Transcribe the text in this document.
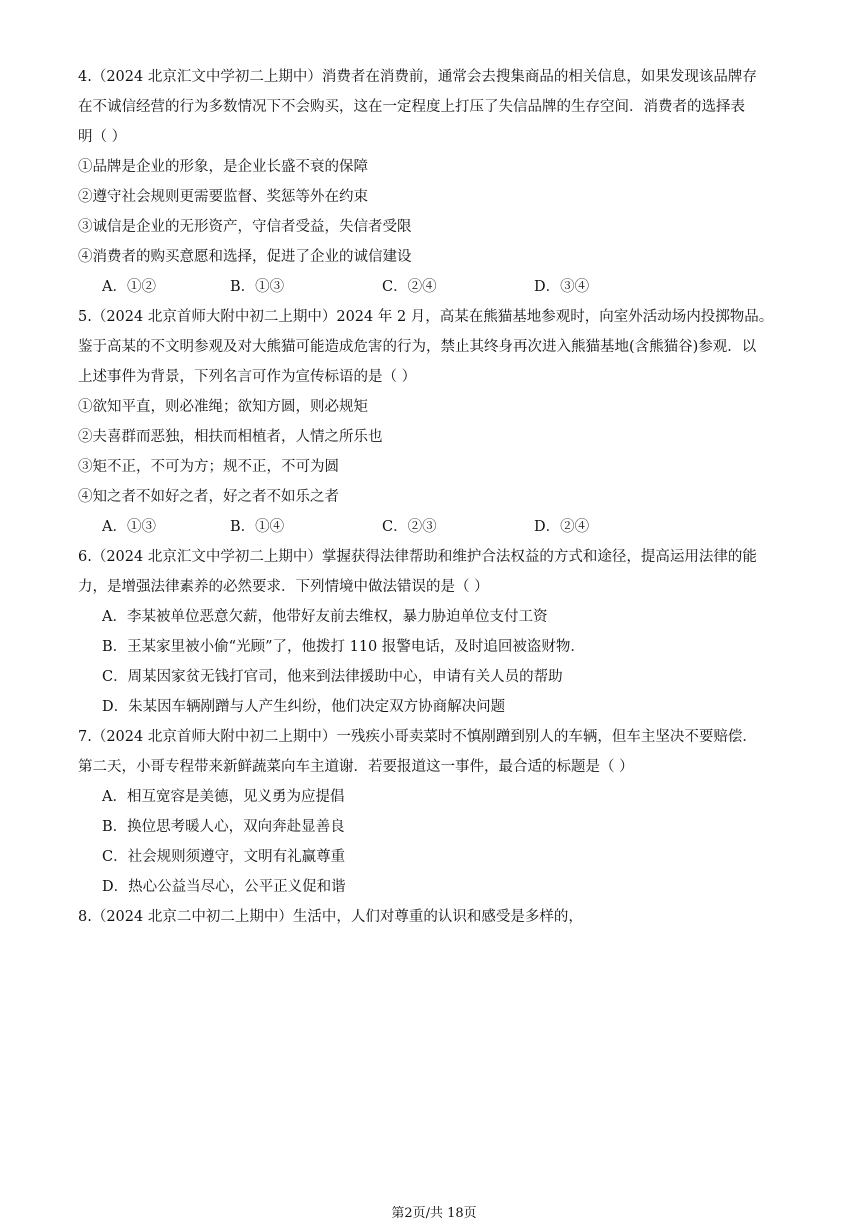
4.（2024 北京汇文中学初二上期中）消费者在消费前，通常会去搜集商品的相关信息，如果发现该品牌存
在不诚信经营的行为多数情况下不会购买，这在一定程度上打压了失信品牌的生存空间．消费者的选择表
明（ ）
①品牌是企业的形象，是企业长盛不衰的保障
②遵守社会规则更需要监督、奖惩等外在约束
③诚信是企业的无形资产，守信者受益，失信者受限
④消费者的购买意愿和选择，促进了企业的诚信建设
A．①②	B．①③	C．②④	D．③④
5.（2024 北京首师大附中初二上期中）2024 年 2 月，高某在熊猫基地参观时，向室外活动场内投掷物品。
鉴于高某的不文明参观及对大熊猫可能造成危害的行为，禁止其终身再次进入熊猫基地(含熊猫谷)参观．以
上述事件为背景，下列名言可作为宣传标语的是（ ）
①欲知平直，则必准绳；欲知方圆，则必规矩
②夫喜群而恶独，相扶而相植者，人情之所乐也
③矩不正，不可为方；规不正，不可为圆
④知之者不如好之者，好之者不如乐之者
A．①③	B．①④	C．②③	D．②④
6.（2024 北京汇文中学初二上期中）掌握获得法律帮助和维护合法权益的方式和途径，提高运用法律的能
力，是增强法律素养的必然要求．下列情境中做法错误的是（ ）
A．李某被单位恶意欠薪，他带好友前去维权，暴力胁迫单位支付工资
B．王某家里被小偷“光顾”了，他拨打 110 报警电话，及时追回被盗财物．
C．周某因家贫无钱打官司，他来到法律援助中心，申请有关人员的帮助
D．朱某因车辆剐蹭与人产生纠纷，他们决定双方协商解决问题
7.（2024 北京首师大附中初二上期中）一残疾小哥卖菜时不慎剐蹭到别人的车辆，但车主坚决不要赔偿．
第二天，小哥专程带来新鲜蔬菜向车主道谢．若要报道这一事件，最合适的标题是（ ）
A．相互宽容是美德，见义勇为应提倡
B．换位思考暖人心，双向奔赴显善良
C．社会规则须遵守，文明有礼赢尊重
D．热心公益当尽心，公平正义促和谐
8.（2024 北京二中初二上期中）生活中，人们对尊重的认识和感受是多样的，
第2页/共 18页
